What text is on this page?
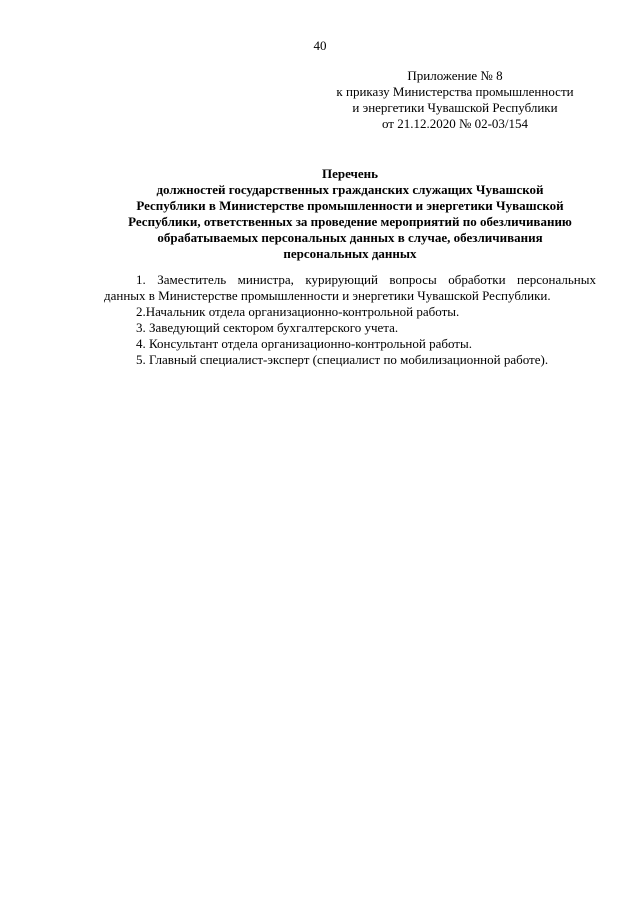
40
Приложение № 8
к приказу Министерства промышленности
и энергетики Чувашской Республики
от 21.12.2020 № 02-03/154
Перечень
должностей государственных гражданских служащих Чувашской
Республики в Министерстве промышленности и энергетики Чувашской
Республики, ответственных за проведение мероприятий по обезличиванию
обрабатываемых персональных данных в случае, обезличивания
персональных данных
1. Заместитель министра, курирующий вопросы обработки персональных
данных в Министерстве промышленности и энергетики Чувашской Республики.
2.Начальник отдела организационно-контрольной работы.
3. Заведующий сектором бухгалтерского учета.
4. Консультант отдела организационно-контрольной работы.
5. Главный специалист-эксперт (специалист по мобилизационной работе).
